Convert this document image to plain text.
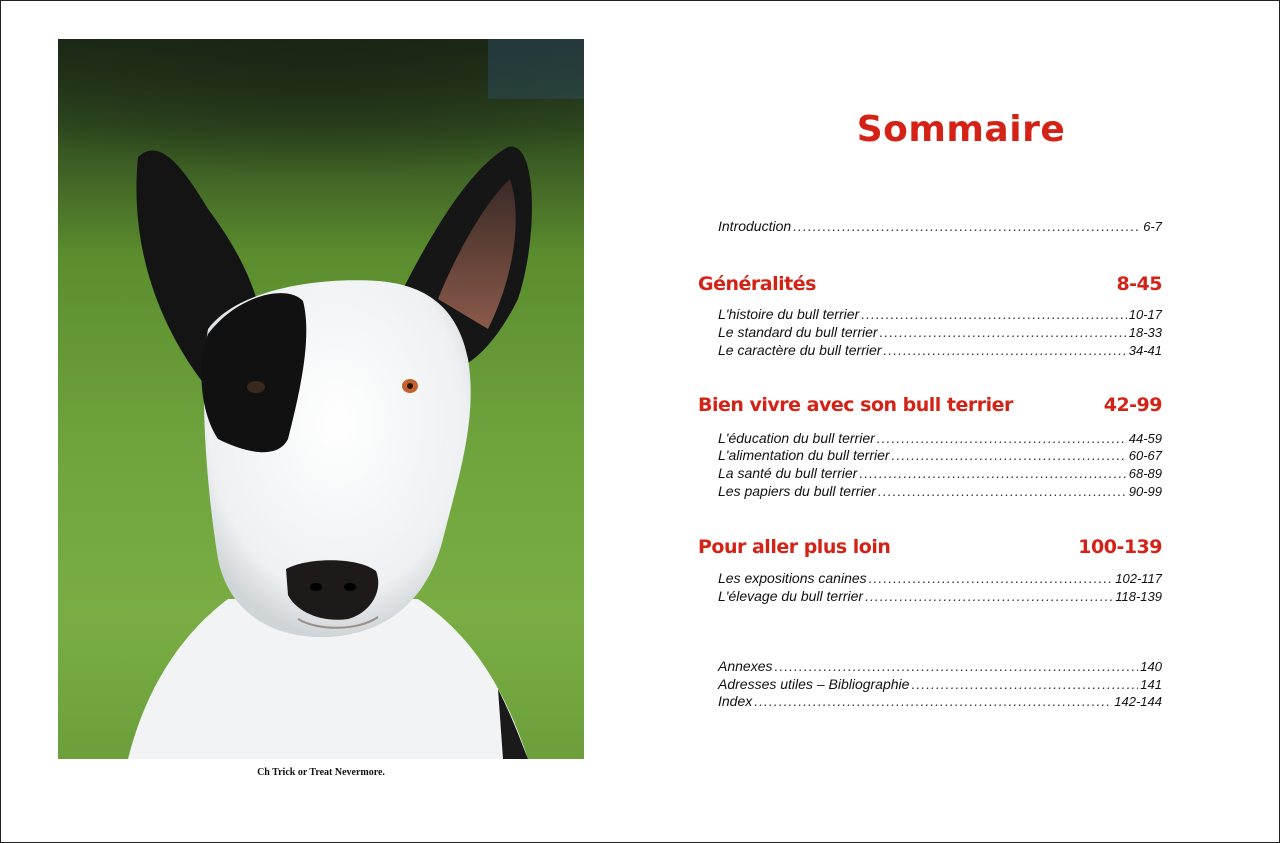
Ch Trick or Treat Nevermore.
Sommaire
Introduction .....	6-7
Généralités	8-45
L'histoire du bull terrier .....	10-17
Le standard du bull terrier .....	18-33
Le caractère du bull terrier .....	34-41
Bien vivre avec son bull terrier	42-99
L'éducation du bull terrier .....	44-59
L'alimentation du bull terrier .....	60-67
La santé du bull terrier .....	68-89
Les papiers du bull terrier .....	90-99
Pour aller plus loin	100-139
Les expositions canines .....	102-117
L'élevage du bull terrier .....	118-139
Annexes .....	140
Adresses utiles – Bibliographie .....	141
Index .....	142-144
